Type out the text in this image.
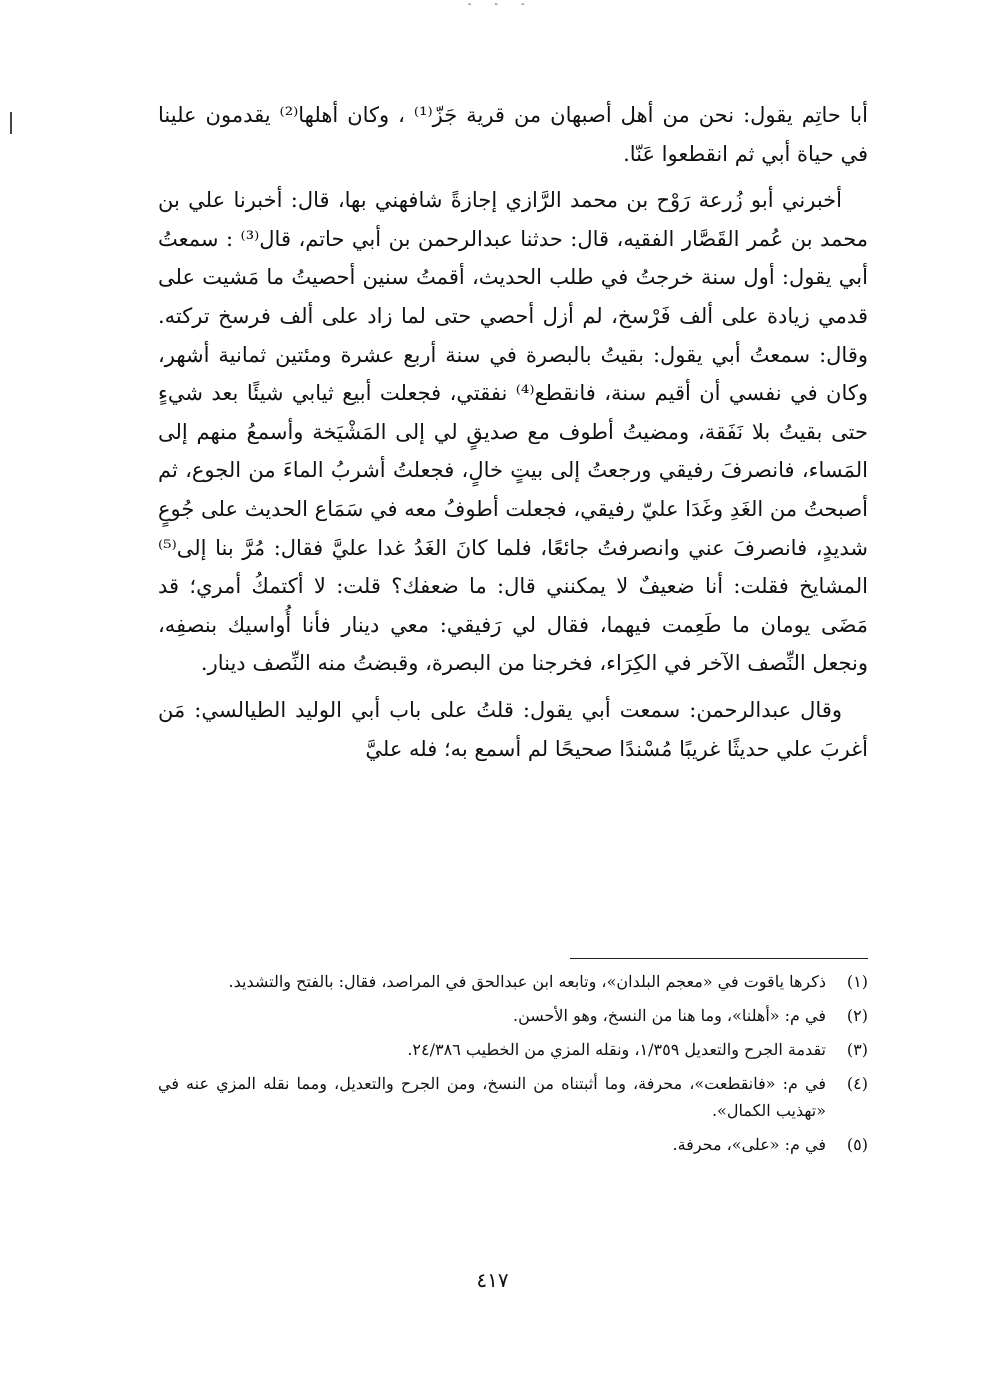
- - -

أبا حاتِم يقول: نحن من أهل أصبهان من قرية جَزّ⁽¹⁾ ، وكان أهلها⁽²⁾ يقدمون علينا في حياة أبي ثم انقطعوا عَنّا.

أخبرني أبو زُرعة رَوْح بن محمد الرَّازي إجازةً شافهني بها، قال: أخبرنا علي بن محمد بن عُمر القَصَّار الفقيه، قال: حدثنا عبدالرحمن بن أبي حاتم، قال⁽³⁾ : سمعتُ أبي يقول: أول سنة خرجتُ في طلب الحديث، أقمتُ سنين أحصيتُ ما مَشيت على قدمي زيادة على ألف فَرْسخ، لم أزل أحصي حتى لما زاد على ألف فرسخ تركته. وقال: سمعتُ أبي يقول: بقيتُ بالبصرة في سنة أربع عشرة ومئتين ثمانية أشهر، وكان في نفسي أن أقيم سنة، فانقطع⁽⁴⁾ نفقتي، فجعلت أبيع ثيابي شيئًا بعد شيءٍ حتى بقيتُ بلا نَفَقة، ومضيتُ أطوف مع صديقٍ لي إلى المَشْيَخة وأسمعُ منهم إلى المَساء، فانصرفَ رفيقي ورجعتُ إلى بيتٍ خالٍ، فجعلتُ أشربُ الماءَ من الجوع، ثم أصبحتُ من الغَدِ وغَدَا عليّ رفيقي، فجعلت أطوفُ معه في سَمَاع الحديث على جُوعٍ شديدٍ، فانصرفَ عني وانصرفتُ جائعًا، فلما كانَ الغَدُ غدا عليَّ فقال: مُرَّ بنا إلى⁽⁵⁾ المشايخ فقلت: أنا ضعيفٌ لا يمكنني قال: ما ضعفك؟ قلت: لا أكتمكُ أمري؛ قد مَضَى يومان ما طَعِمت فيهما، فقال لي رَفيقي: معي دينار فأنا أُواسيك بنصفِه، ونجعل النِّصف الآخر في الكِرَاء، فخرجنا من البصرة، وقبضتُ منه النِّصف دينار.

وقال عبدالرحمن: سمعت أبي يقول: قلتُ على باب أبي الوليد الطيالسي: مَن أغربَ علي حديثًا غريبًا مُسْندًا صحيحًا لم أسمع به؛ فله عليَّ

(١)
ذكرها ياقوت في «معجم البلدان»، وتابعه ابن عبدالحق في المراصد، فقال: بالفتح والتشديد.
(٢)
في م: «أهلنا»، وما هنا من النسخ، وهو الأحسن.
(٣)
تقدمة الجرح والتعديل ١/٣٥٩، ونقله المزي من الخطيب ٢٤/٣٨٦.
(٤)
في م: «فانقطعت»، محرفة، وما أثبتناه من النسخ، ومن الجرح والتعديل، ومما نقله المزي عنه في «تهذيب الكمال».
(٥)
في م: «على»، محرفة.
٤١٧
